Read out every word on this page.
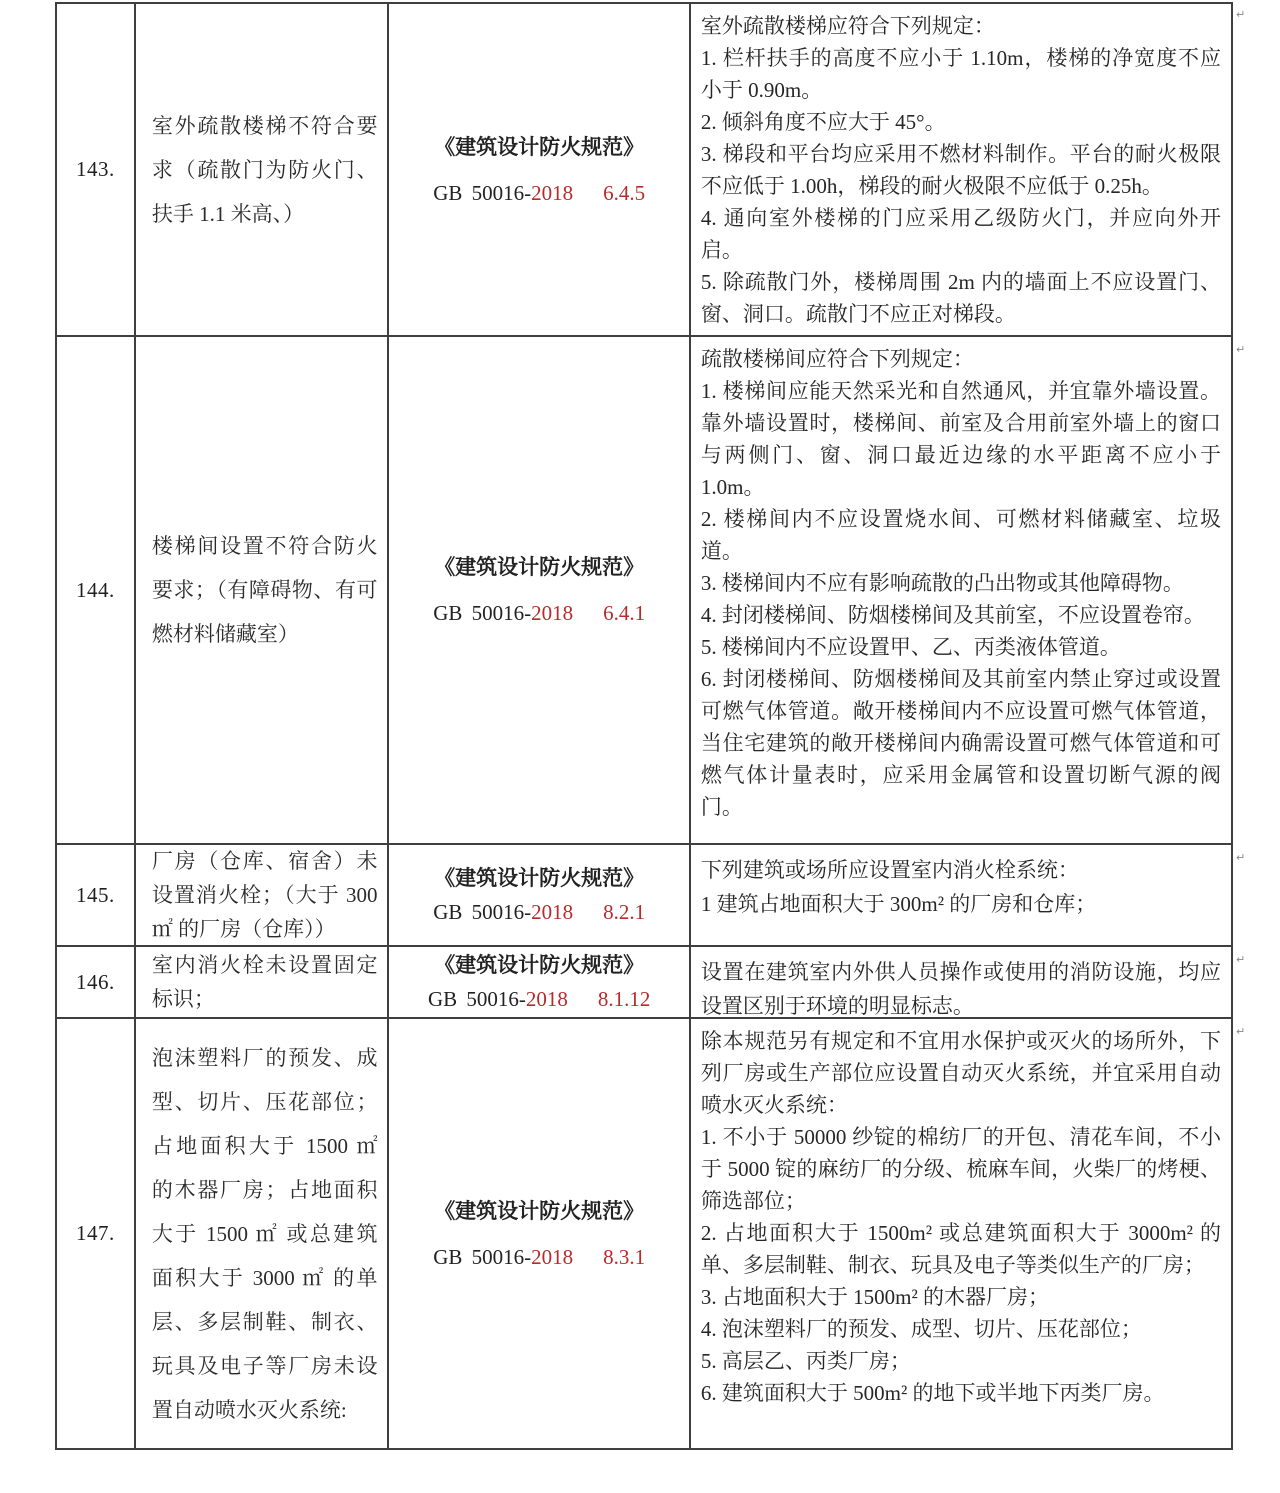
143.
室外疏散楼梯不符合要求（疏散门为防火门、扶手 1.1 米高、）
《建筑设计防火规范》
GB 50016-2018 6.4.5

室外疏散楼梯应符合下列规定：

1. 栏杆扶手的高度不应小于 1.10m，楼梯的净宽度不应小于 0.90m。

2. 倾斜角度不应大于 45°。

3. 梯段和平台均应采用不燃材料制作。平台的耐火极限不应低于 1.00h，梯段的耐火极限不应低于 0.25h。

4. 通向室外楼梯的门应采用乙级防火门，并应向外开启。

5. 除疏散门外，楼梯周围 2m 内的墙面上不应设置门、窗、洞口。疏散门不应正对梯段。

144.
楼梯间设置不符合防火要求；（有障碍物、有可燃材料储藏室）
《建筑设计防火规范》
GB 50016-2018 6.4.1

疏散楼梯间应符合下列规定：

1. 楼梯间应能天然采光和自然通风，并宜靠外墙设置。靠外墙设置时，楼梯间、前室及合用前室外墙上的窗口与两侧门、窗、洞口最近边缘的水平距离不应小于 1.0m。

2. 楼梯间内不应设置烧水间、可燃材料储藏室、垃圾道。

3. 楼梯间内不应有影响疏散的凸出物或其他障碍物。

4. 封闭楼梯间、防烟楼梯间及其前室，不应设置卷帘。

5. 楼梯间内不应设置甲、乙、丙类液体管道。

6. 封闭楼梯间、防烟楼梯间及其前室内禁止穿过或设置可燃气体管道。敞开楼梯间内不应设置可燃气体管道，当住宅建筑的敞开楼梯间内确需设置可燃气体管道和可燃气体计量表时，应采用金属管和设置切断气源的阀门。

145.
厂房（仓库、宿舍）未设置消火栓；（大于 300 ㎡ 的厂房（仓库））
《建筑设计防火规范》
GB 50016-2018 8.2.1

下列建筑或场所应设置室内消火栓系统：

1 建筑占地面积大于 300m² 的厂房和仓库；

146.
室内消火栓未设置固定标识；
《建筑设计防火规范》
GB 50016-2018 8.1.12

设置在建筑室内外供人员操作或使用的消防设施，均应设置区别于环境的明显标志。

147.
泡沫塑料厂的预发、成型、切片、压花部位；占地面积大于 1500 ㎡ 的木器厂房；占地面积大于 1500 ㎡ 或总建筑面积大于 3000 ㎡ 的单层、多层制鞋、制衣、玩具及电子等厂房未设置自动喷水灭火系统:
《建筑设计防火规范》
GB 50016-2018 8.3.1

除本规范另有规定和不宜用水保护或灭火的场所外，下列厂房或生产部位应设置自动灭火系统，并宜采用自动喷水灭火系统：

1. 不小于 50000 纱锭的棉纺厂的开包、清花车间，不小于 5000 锭的麻纺厂的分级、梳麻车间，火柴厂的烤梗、筛选部位；

2. 占地面积大于 1500m² 或总建筑面积大于 3000m² 的单、多层制鞋、制衣、玩具及电子等类似生产的厂房；

3. 占地面积大于 1500m² 的木器厂房；

4. 泡沫塑料厂的预发、成型、切片、压花部位；

5. 高层乙、丙类厂房；

6. 建筑面积大于 500m² 的地下或半地下丙类厂房。

↵
↵
↵
↵
↵
